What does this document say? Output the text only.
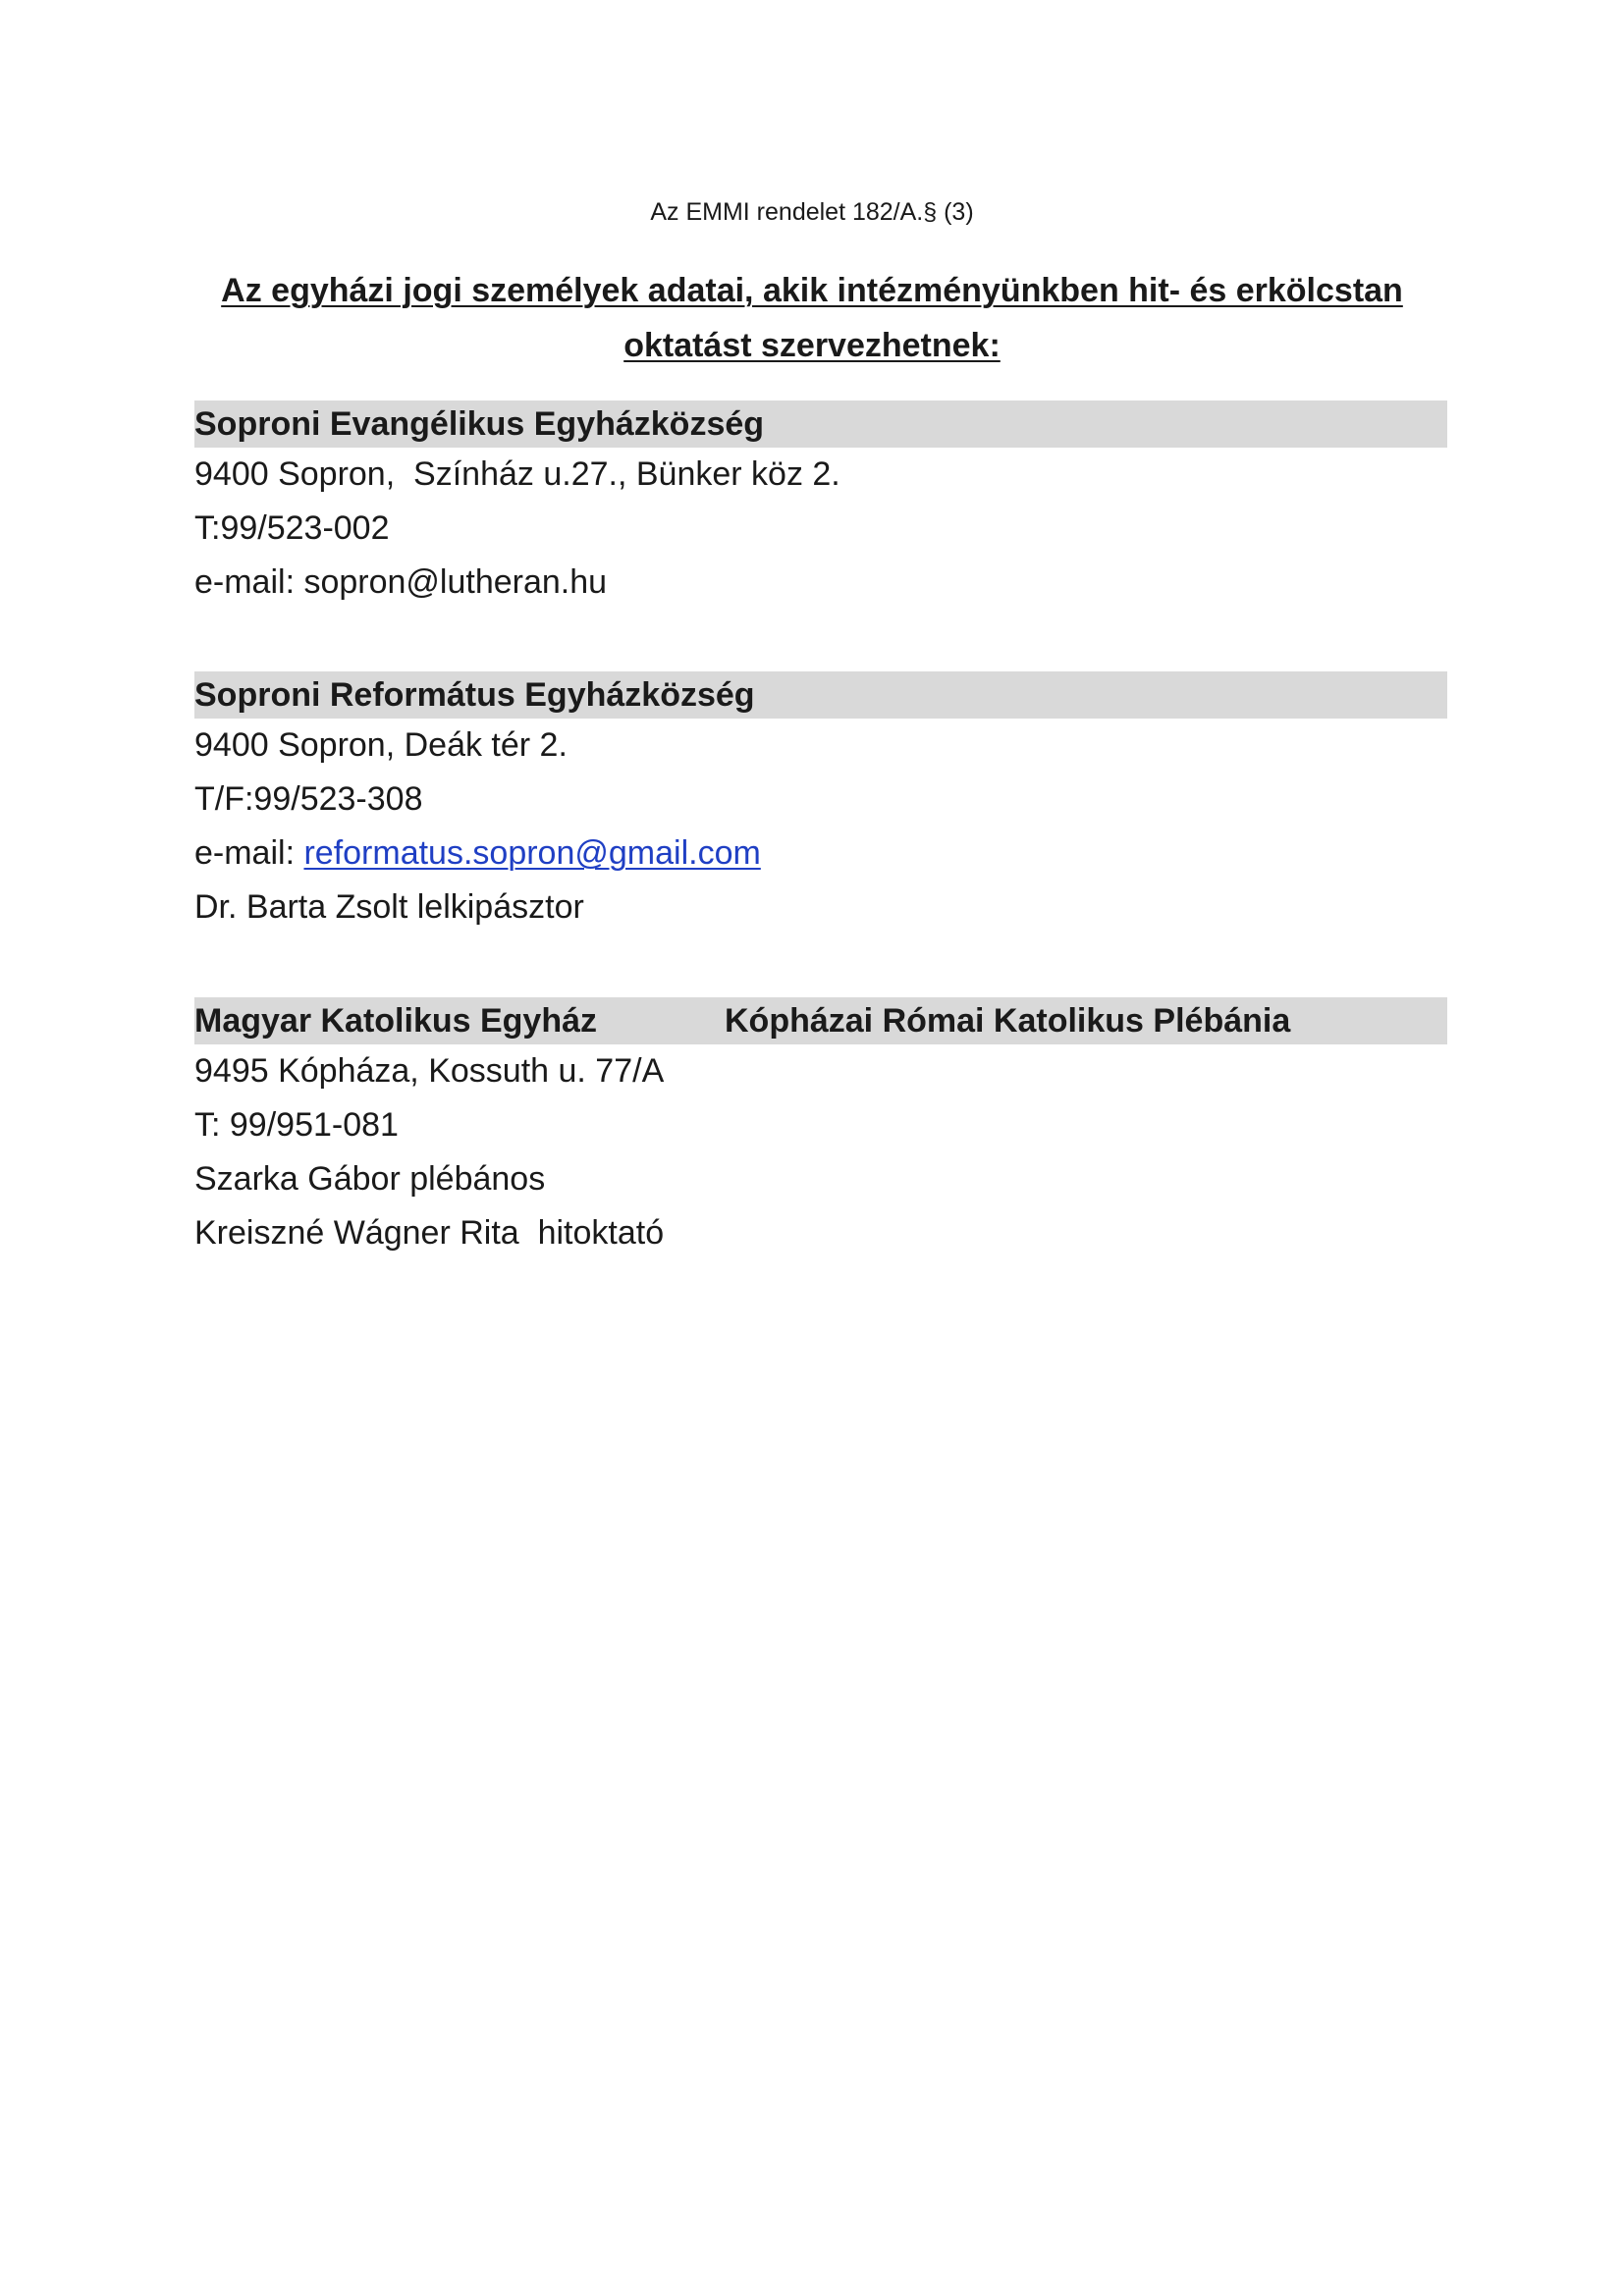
Az EMMI rendelet 182/A.§ (3)
Az egyházi jogi személyek adatai, akik intézményünkben hit- és erkölcstan
oktatást szervezhetnek:
Soproni Evangélikus Egyházközség
9400 Sopron,  Színház u.27., Bünker köz 2.
T:99/523-002
e-mail: sopron@lutheran.hu
Soproni Református Egyházközség
9400 Sopron, Deák tér 2.
T/F:99/523-308
e-mail: reformatus.sopron@gmail.com
Dr. Barta Zsolt lelkipásztor
Magyar Katolikus Egyház	Kópházai Római Katolikus Plébánia
9495 Kópháza, Kossuth u. 77/A
T: 99/951-081
Szarka Gábor plébános
Kreiszné Wágner Rita  hitoktató
